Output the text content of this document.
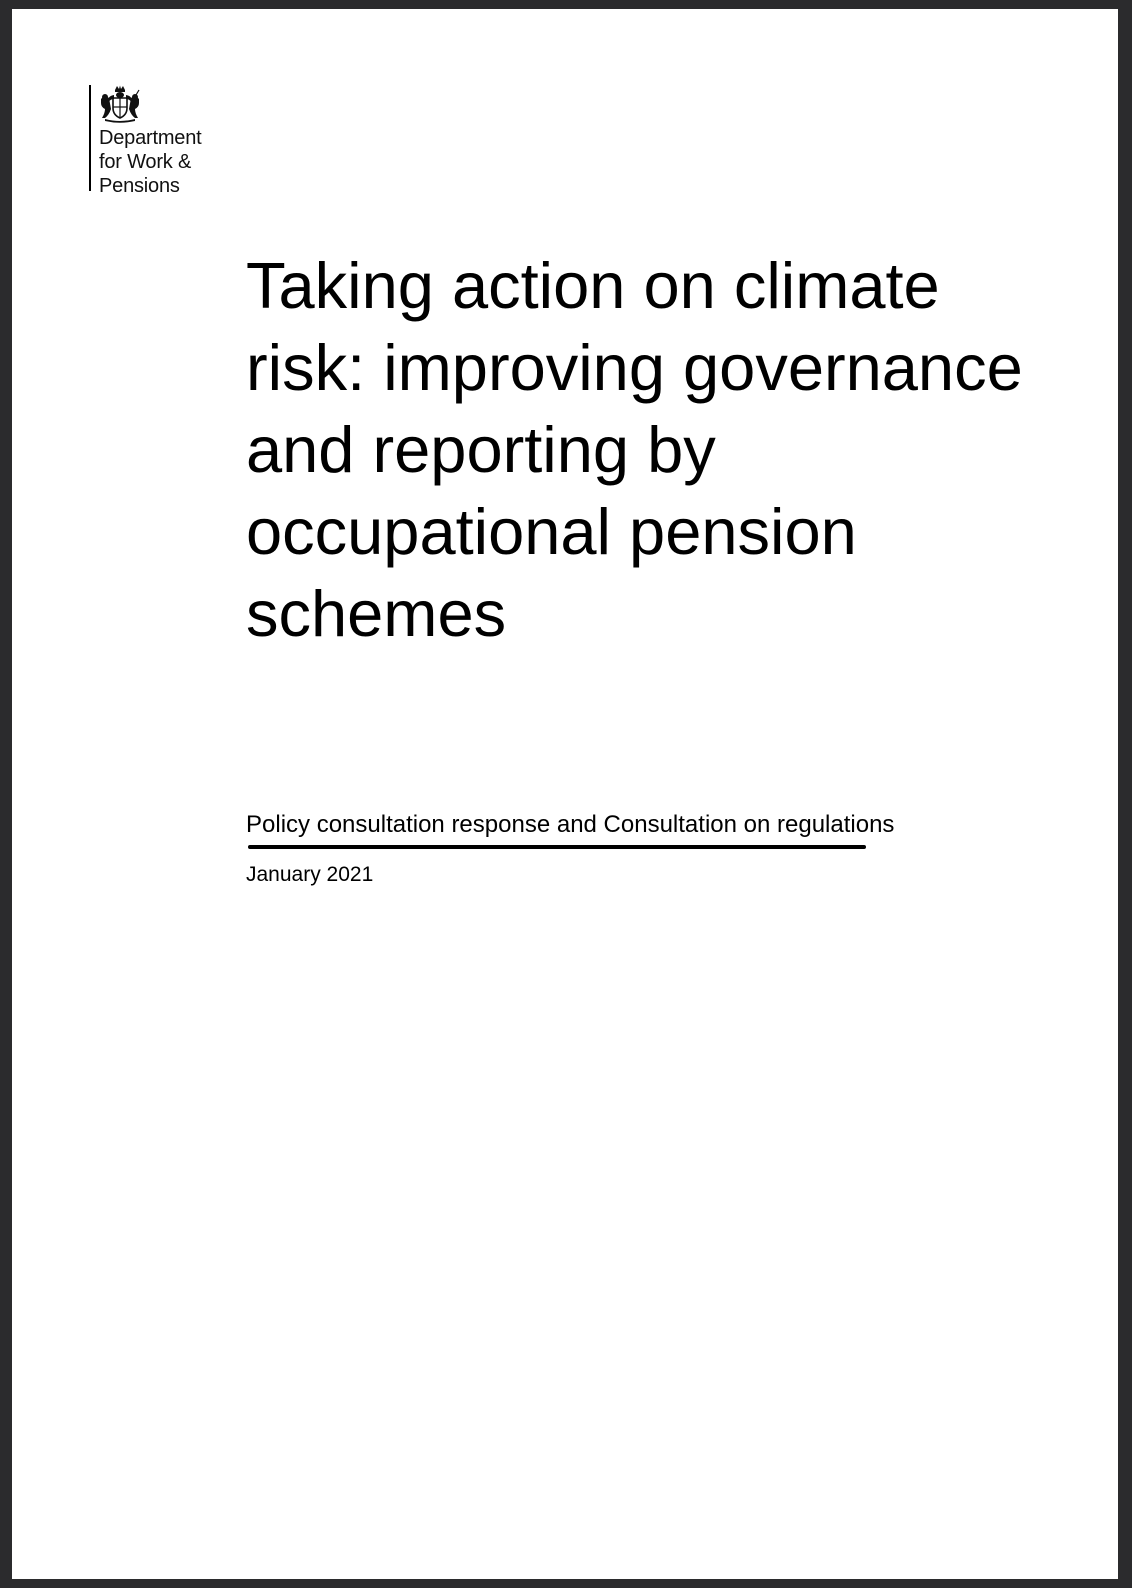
Department
for Work &
Pensions
Taking action on climate risk: improving governance and reporting by occupational pension schemes
Policy consultation response and Consultation on regulations
January 2021
